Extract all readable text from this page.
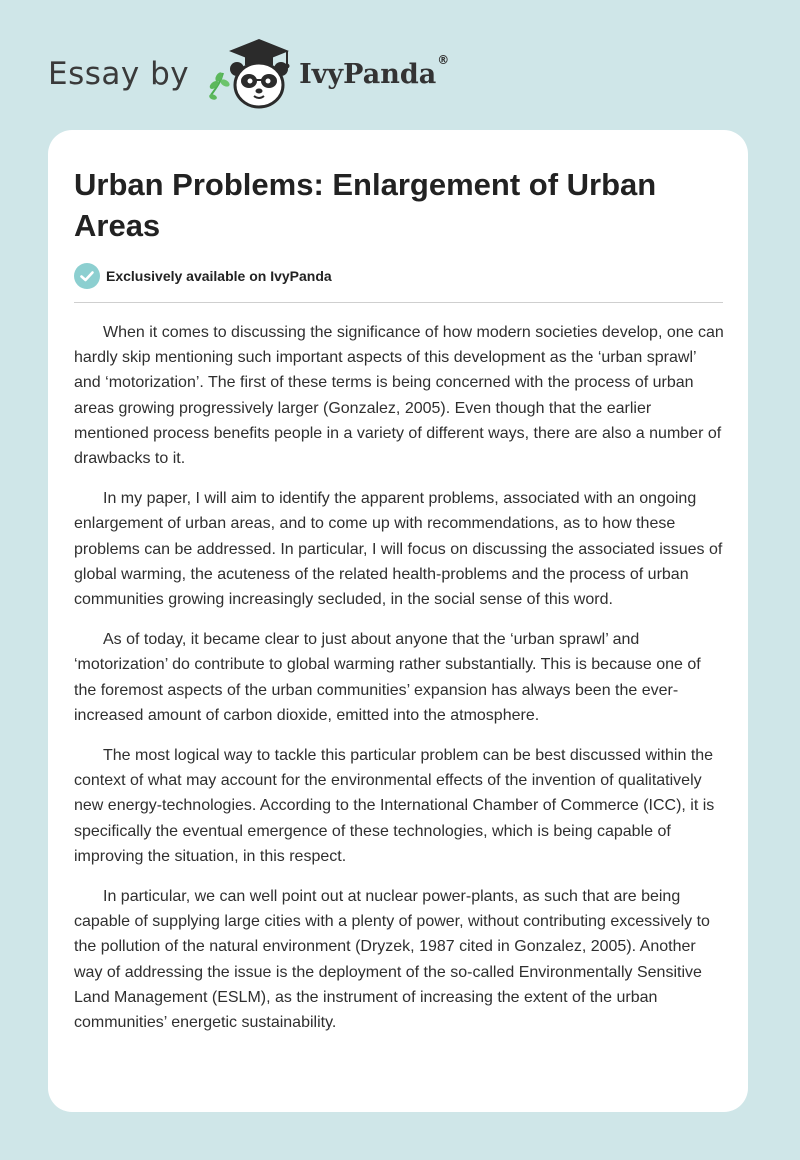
Essay by	IvyPanda®
Urban Problems: Enlargement of Urban Areas
Exclusively available on IvyPanda

When it comes to discussing the significance of how modern societies develop, one can hardly skip mentioning such important aspects of this development as the ‘urban sprawl’ and ‘motorization’. The first of these terms is being concerned with the process of urban areas growing progressively larger (Gonzalez, 2005). Even though that the earlier mentioned process benefits people in a variety of different ways, there are also a number of drawbacks to it.

In my paper, I will aim to identify the apparent problems, associated with an ongoing enlargement of urban areas, and to come up with recommendations, as to how these problems can be addressed. In particular, I will focus on discussing the associated issues of global warming, the acuteness of the related health-problems and the process of urban communities growing increasingly secluded, in the social sense of this word.

As of today, it became clear to just about anyone that the ‘urban sprawl’ and ‘motorization’ do contribute to global warming rather substantially. This is because one of the foremost aspects of the urban communities’ expansion has always been the ever-increased amount of carbon dioxide, emitted into the atmosphere.

The most logical way to tackle this particular problem can be best discussed within the context of what may account for the environmental effects of the invention of qualitatively new energy-technologies. According to the International Chamber of Commerce (ICC), it is specifically the eventual emergence of these technologies, which is being capable of improving the situation, in this respect.

In particular, we can well point out at nuclear power-plants, as such that are being capable of supplying large cities with a plenty of power, without contributing excessively to the pollution of the natural environment (Dryzek, 1987 cited in Gonzalez, 2005). Another way of addressing the issue is the deployment of the so-called Environmentally Sensitive Land Management (ESLM), as the instrument of increasing the extent of the urban communities’ energetic sustainability.
